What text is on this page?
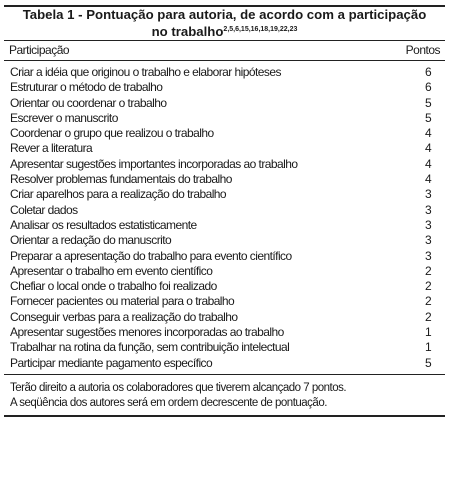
Tabela 1 - Pontuação para autoria, de acordo com a participação
no trabalho$^{2,5,6,15,16,18,19,22,23}$
Participação	Pontos
Criar a idéia que originou o trabalho e elaborar hipóteses	6
Estruturar o método de trabalho	6
Orientar ou coordenar o trabalho	5
Escrever o manuscrito	5
Coordenar o grupo que realizou o trabalho	4
Rever a literatura	4
Apresentar sugestões importantes incorporadas ao trabalho	4
Resolver problemas fundamentais do trabalho	4
Criar aparelhos para a realização do trabalho	3
Coletar dados	3
Analisar os resultados estatisticamente	3
Orientar a redação do manuscrito	3
Preparar a apresentação do trabalho para evento científico	3
Apresentar o trabalho em evento científico	2
Chefiar o local onde o trabalho foi realizado	2
Fornecer pacientes ou material para o trabalho	2
Conseguir verbas para a realização do trabalho	2
Apresentar sugestões menores incorporadas ao trabalho	1
Trabalhar na rotina da função, sem contribuição intelectual	1
Participar mediante pagamento específico	5
Terão direito a autoria os colaboradores que tiverem alcançado 7 pontos.
A seqüência dos autores será em ordem decrescente de pontuação.
